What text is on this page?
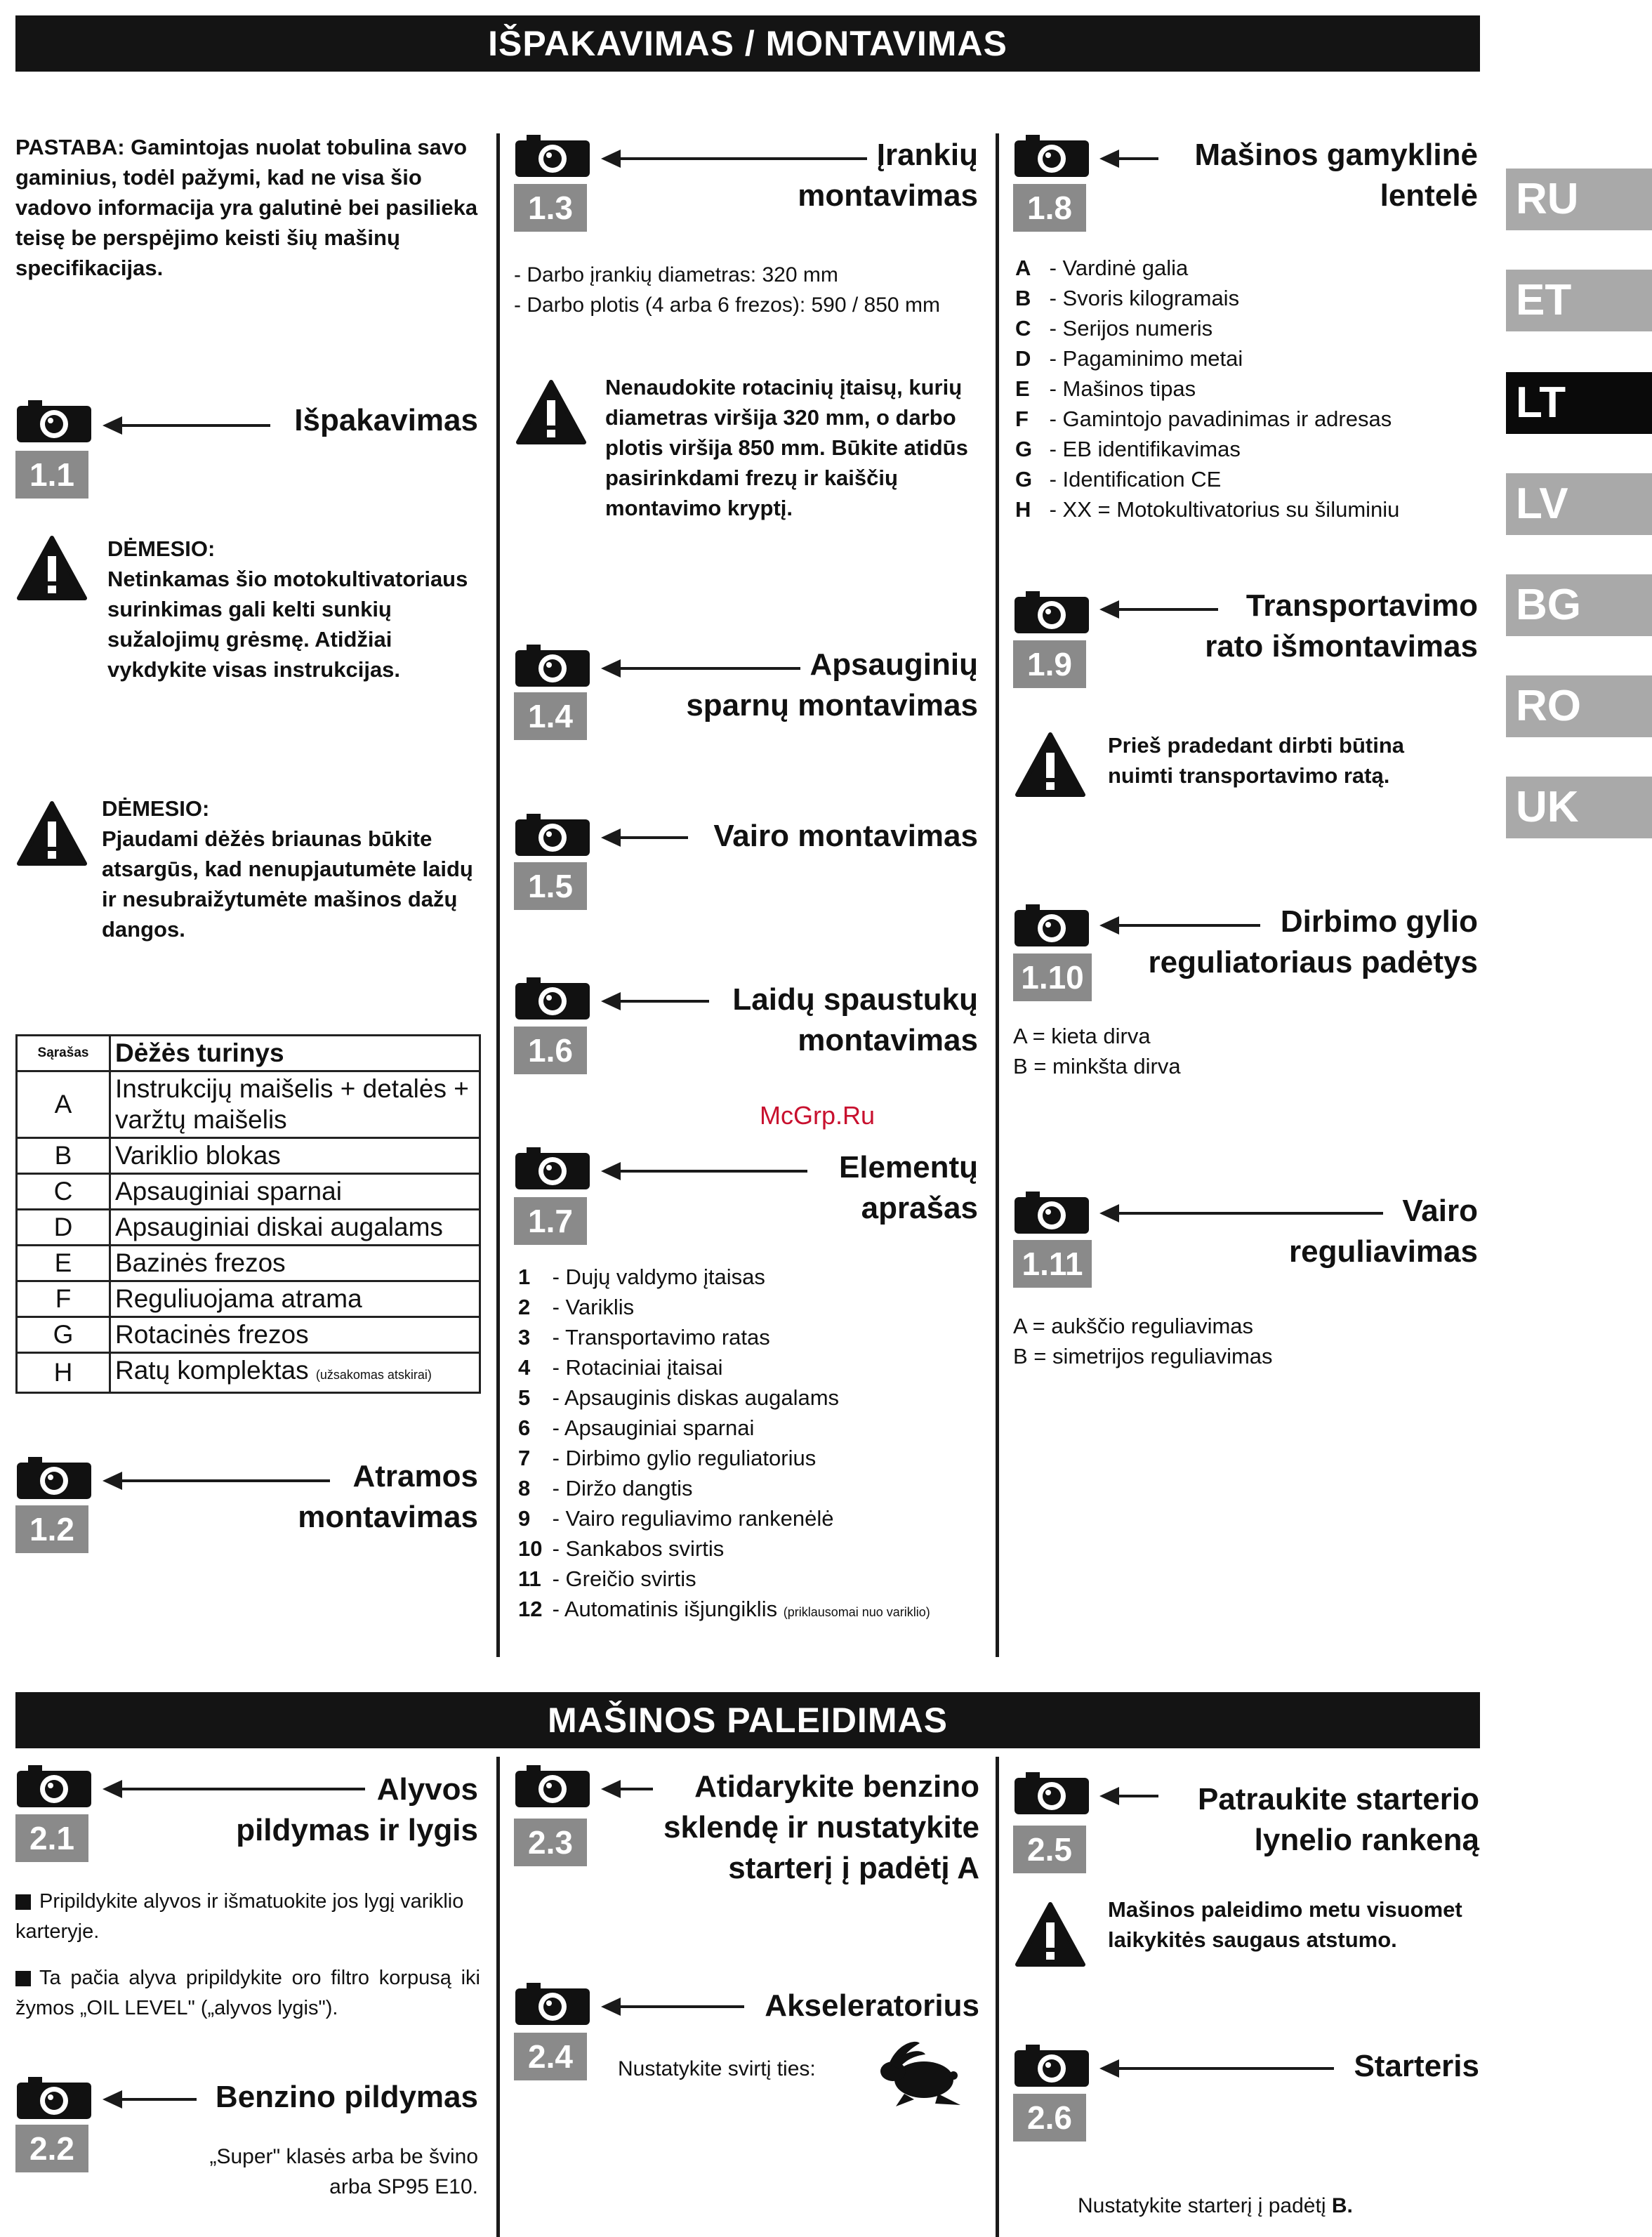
IŠPAKAVIMAS / MONTAVIMAS
PASTABA: Gamintojas nuolat tobulina savo gaminius, todėl pažymi, kad ne visa šio vadovo informacija yra galutinė bei pasilieka teisę be perspėjimo keisti šių mašinų specifikacijas.
Išpakavimas
1.1
DĖMESIO:
Netinkamas šio motokultivatoriaus surinkimas gali kelti sunkių sužalojimų grėsmę. Atidžiai vykdykite visas instrukcijas.
DĖMESIO:
Pjaudami dėžės briaunas būkite atsargūs, kad nenupjautumėte laidų ir nesubraižytumėte mašinos dažų dangos.
Sąrašas	Dėžės turinys
A	Instrukcijų maišelis + detalės + varžtų maišelis
B	Variklio blokas
C	Apsauginiai sparnai
D	Apsauginiai diskai augalams
E	Bazinės frezos
F	Reguliuojama atrama
G	Rotacinės frezos
H	Ratų komplektas (užsakomas atskirai)
Atramos
montavimas
1.2
Įrankių
montavimas
1.3
- Darbo įrankių diametras: 320 mm
- Darbo plotis (4 arba 6 frezos): 590 / 850 mm
Nenaudokite rotacinių įtaisų, kurių diametras viršija 320 mm, o darbo plotis viršija 850 mm. Būkite atidūs pasirinkdami frezų ir kaiščių montavimo kryptį.
Apsauginių
sparnų montavimas
1.4
Vairo montavimas
1.5
Laidų spaustukų
montavimas
1.6
McGrp.Ru
Elementų
aprašas
1.7
1 - Dujų valdymo įtaisas
2 - Variklis
3 - Transportavimo ratas
4 - Rotaciniai įtaisai
5 - Apsauginis diskas augalams
6 - Apsauginiai sparnai
7 - Dirbimo gylio reguliatorius
8 - Diržo dangtis
9 - Vairo reguliavimo rankenėlė
10 - Sankabos svirtis
11 - Greičio svirtis
12 - Automatinis išjungiklis (priklausomai nuo variklio)
Mašinos gamyklinė
lentelė
1.8
A - Vardinė galia
B - Svoris kilogramais
C - Serijos numeris
D - Pagaminimo metai
E - Mašinos tipas
F - Gamintojo pavadinimas ir adresas
G - EB identifikavimas
G - Identification CE
H - XX = Motokultivatorius su šiluminiu
Transportavimo
rato išmontavimas
1.9
Prieš pradedant dirbti būtina nuimti transportavimo ratą.
Dirbimo gylio
reguliatoriaus padėtys
1.10
A = kieta dirva
B = minkšta dirva
Vairo
reguliavimas
1.11
A = aukščio reguliavimas
B = simetrijos reguliavimas
RU
ET
LT
LV
BG
RO
UK
MAŠINOS PALEIDIMAS
Alyvos
pildymas ir lygis
2.1
Pripildykite alyvos ir išmatuokite jos lygį variklio karteryje.
Ta pačia alyva pripildykite oro filtro korpusą iki žymos „OIL LEVEL" („alyvos lygis").
Benzino pildymas
2.2	„Super" klasės arba be švino
arba SP95 E10.
Atidarykite benzino
sklendę ir nustatykite
starterį į padėtį A
2.3
Akseleratorius
2.4	Nustatykite svirtį ties:
Patraukite starterio
lynelio rankeną
2.5
Mašinos paleidimo metu visuomet laikykitės saugaus atstumo.
Starteris
2.6
Nustatykite starterį į padėtį B.
